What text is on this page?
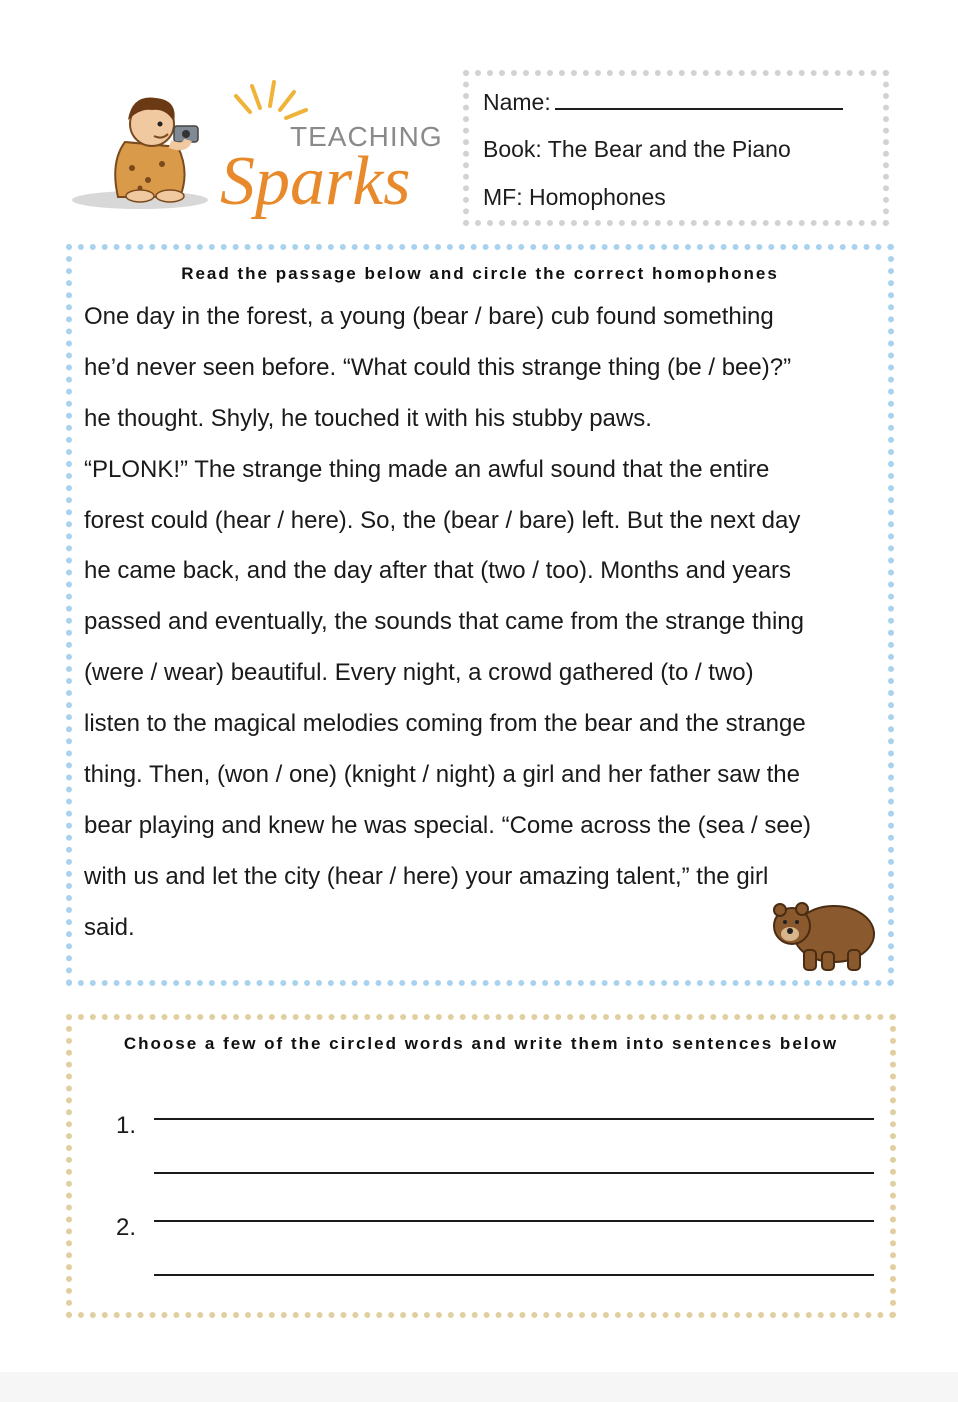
TEACHING
Sparks
Name:
Book: The Bear and the Piano
MF: Homophones
Read the passage below and circle the correct homophones
One day in the forest, a young (bear / bare) cub found something
he’d never seen before. “What could this strange thing (be / bee)?”
he thought. Shyly, he touched it with his stubby paws.
“PLONK!” The strange thing made an awful sound that the entire
forest could (hear / here). So, the (bear / bare) left. But the next day
he came back, and the day after that (two / too). Months and years
passed and eventually, the sounds that came from the strange thing
(were / wear) beautiful. Every night, a crowd gathered (to / two)
listen to the magical melodies coming from the bear and the strange
thing. Then, (won / one) (knight / night) a girl and her father saw the
bear playing and knew he was special. “Come across the (sea / see)
with us and let the city (hear / here) your amazing talent,” the girl
said.
Choose a few of the circled words and write them into sentences below
1.
2.
